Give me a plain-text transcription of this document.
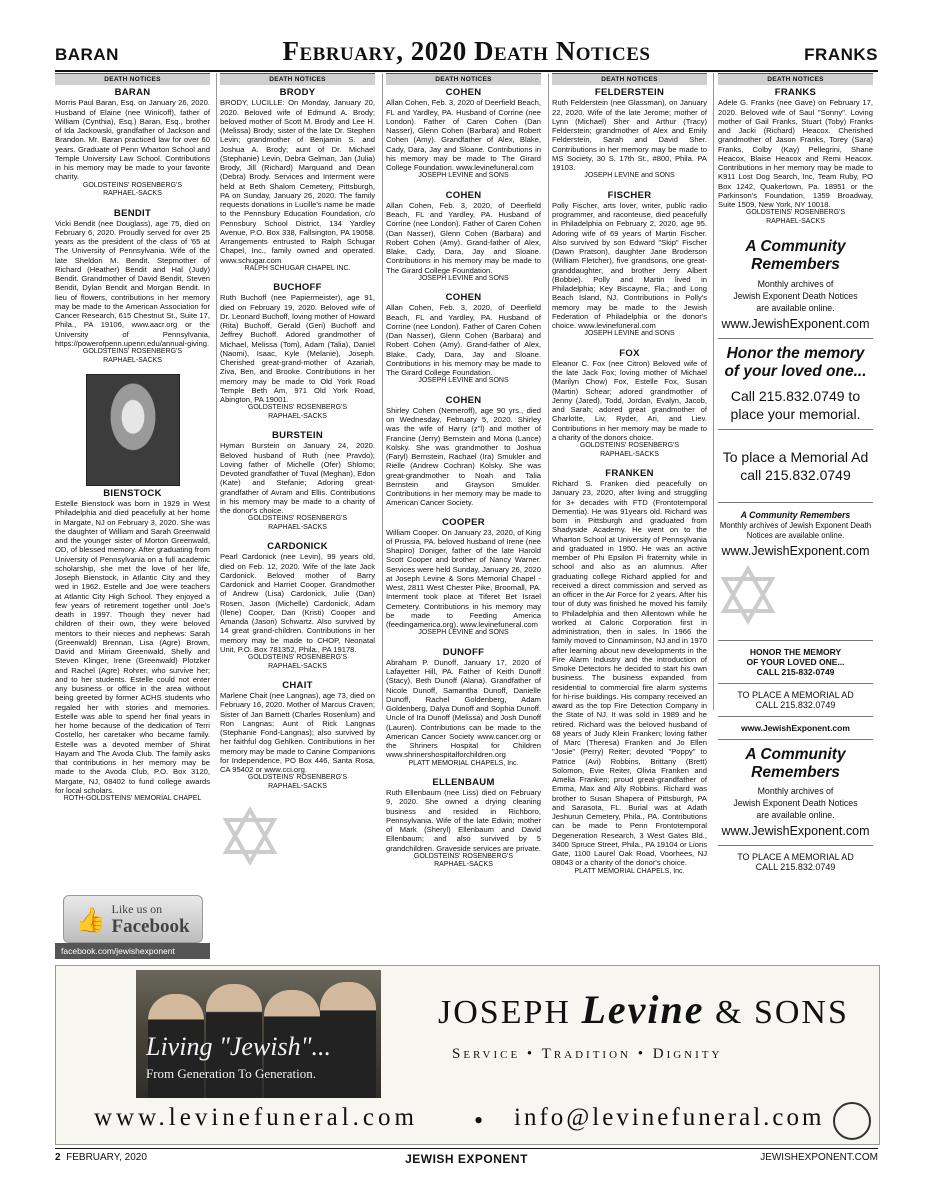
BARAN	February, 2020 Death Notices	FRANKS
DEATH NOTICES
BARAN
Morris Paul Baran, Esq. on January 26, 2020. Husband of Elaine (nee Winicoff), father of William (Cynthia), Esq.) Baran, Esq., brother of Ida Jackowski, grandfather of Jackson and Brandon. Mr. Baran practiced law for over 60 years. Graduate of Penn Wharton School and Temple University Law School. Contributions in his memory may be made to your favorite charity.
GOLDSTEINS' ROSENBERG'S
RAPHAEL-SACKS
BENDIT
Vicki Bendit (nee Douglass), age 75, died on February 6, 2020. Proudly served for over 25 years as the president of the class of '65 at The University of Pennsylvania. Wife of the late Sheldon M. Bendit. Stepmother of Richard (Heather) Bendit and Hal (Judy) Bendit. Grandmother of David Bendit, Steven Bendit, Dylan Bendit and Morgan Bendit. In lieu of flowers, contributions in her memory may be made to the American Association for Cancer Research, 615 Chestnut St., Suite 17, Phila., PA 19106, www.aacr.org or the University of Pennsylvania, https://powerofpenn.upenn.edu/annual-giving.
GOLDSTEINS' ROSENBERG'S
RAPHAEL-SACKS
BIENSTOCK
Estelle Bienstock was born in 1929 in West Philadelphia and died peacefully at her home in Margate, NJ on February 3, 2020. She was the daughter of William and Sarah Greenwald and the younger sister of Morton Greenwald, OD, of blessed memory. After graduating from University of Pennsylvania on a full academic scholarship, she met the love of her life, Joseph Bienstock, in Atlantic City and they wed in 1962. Estelle and Joe were teachers at Atlantic City High School. They enjoyed a few years of retirement together until Joe's death in 1997. Though they never had children of their own, they were beloved mentors to their nieces and nephews: Sarah (Greenwald) Brennan, Lisa (Agre) Brown, David and Miriam Greenwald, Shelly and Steven Klinger, Irene (Greenwald) Plotzker and Rachel (Agre) Rohrer, who survive her; and to her students. Estelle could not enter any business or office in the area without being greeted by former ACHS students who regaled her with stories and memories. Estelle was able to spend her final years in her home because of the dedication of Terri Costello, her caretaker who became family. Estelle was a devoted member of Shirat Hayam and The Avoda Club. The family asks that contributions in her memory may be made to the Avoda Club, P.O. Box 3120, Margate, NJ, 08402 to fund college awards for local scholars.
ROTH-GOLDSTEINS' MEMORIAL CHAPEL
👍 Like us on
Facebook
DEATH NOTICES
BRODY
BRODY, LUCILLE: On Monday, January 20, 2020. Beloved wife of Edmund A. Brody; beloved mother of Scott M. Brody and Lee H. (Melissa) Brody; sister of the late Dr. Stephen Levin; grandmother of Benjamin S. and Joshua A. Brody; aunt of Dr. Michael (Stephanie) Levin, Debra Gelman, Jan (Julia) Brody, Jill (Richard) Marquand and Dean (Debra) Brody. Services and Interment were held at Beth Shalom Cemetery, Pittsburgh, PA on Sunday, January 26, 2020. The family requests donations in Lucille's name be made to the Pennsbury Education Foundation, c/o Pennsbury School District, 134 Yardley Avenue, P.O. Box 338, Fallsington, PA 19058. Arrangements entrusted to Ralph Schugar Chapel, Inc., family owned and operated. www.schugar.com
RALPH SCHUGAR CHAPEL INC.
BUCHOFF
Ruth Buchoff (nee Papiermeister), age 91, died on February 19, 2020. Beloved wife of Dr. Leonard Buchoff, loving mother of Howard (Rita) Buchoff, Gerald (Geri) Buchoff and Jeffrey Buchoff. Adored grandmother of Michael, Melissa (Tom), Adam (Talia), Daniel (Naomi), Isaac, Kyle (Melanie), Joseph. Cherished great-grand-mother of Azariah, Ziva, Ben, and Brooke. Contributions in her memory may be made to Old York Road Temple Beth Am, 971 Old York Road, Abington, PA 19001.
GOLDSTEINS' ROSENBERG'S
RAPHAEL-SACKS
BURSTEIN
Hyman Burstein on January 24, 2020. Beloved husband of Ruth (nee Pravdo); Loving father of Michelle (Ofer) Shlomo; Devoted grandfather of Tuval (Meghan), Edon (Kate) and Stefanie; Adoring great-grandfather of Avram and Ellis. Contributions in his memory may be made to a charity of the donor's choice.
GOLDSTEINS' ROSENBERG'S
RAPHAEL-SACKS
CARDONICK
Pearl Cardonick (nee Levin), 99 years old, died on Feb. 12, 2020. Wife of the late Jack Cardonick. Beloved mother of Barry Cardonick and Harriet Cooper. Grandmother of Andrew (Lisa) Cardonick, Julie (Dan) Rosen, Jason (Michelle) Cardonick, Adam (Ilene) Cooper, Dan (Kristi) Cooper and Amanda (Jason) Schwartz. Also survived by 14 great grand-children. Contributions in her memory may be made to CHOP, Neonatal Unit, P.O. Box 781352, Phila., PA 19178.
GOLDSTEINS' ROSENBERG'S
RAPHAEL-SACKS
CHAIT
Marlene Chait (nee Langnas), age 73, died on February 16, 2020. Mother of Marcus Craven; Sister of Jan Barnett (Charles Rosenlum) and Ron Langnas; Aunt of Rick Langnas (Stephanie Fond-Langnas); also survived by her faithful dog Gehlken. Contributions in her memory may be made to Canine Companions for Independence, PO Box 446, Santa Rosa, CA 95402 or www.cci.org.
GOLDSTEINS' ROSENBERG'S
RAPHAEL-SACKS
DEATH NOTICES
COHEN
Allan Cohen, Feb. 3, 2020 of Deerfield Beach, FL and Yardley, PA. Husband of Corrine (nee London). Father of Caren Cohen (Dan Nasser), Glenn Cohen (Barbara) and Robert Cohen (Amy). Grandfather of Alex, Blake, Cady, Dara, Jay and Sloane. Contributions in his memory may be made to The Girard College Foundation. www.levinefuneral.com
JOSEPH LEVINE and SONS
COHEN
Allan Cohen, Feb. 3, 2020, of Deerfield Beach, FL and Yardley, PA. Husband of Corrine (nee London). Father of Caren Cohen (Dan Nasser), Glenn Cohen (Barbara) and Robert Cohen (Amy). Grand-father of Alex, Blake, Cady, Dara, Jay and Sloane. Contributions in his memory may be made to The Girard College Foundation.
JOSEPH LEVINE and SONS
COHEN
Allan Cohen, Feb. 3, 2020, of Deerfield Beach, FL and Yardley, PA. Husband of Corrine (nee London). Father of Caren Cohen (Dan Nasser), Glenn Cohen (Barbara) and Robert Cohen (Amy). Grand-father of Alex, Blake, Cady, Dara, Jay and Sloane. Contributions in his memory may be made to The Girard College Foundation.
JOSEPH LEVINE and SONS
COHEN
Shirley Cohen (Nemeroff), age 90 yrs., died on Wednesday, February 5, 2020. Shirley was the wife of Harry (z"l) and mother of Francine (Jerry) Bernstein and Mona (Lance) Kolsky. She was grandmother to Joshua (Faryl) Bernstein, Rachael (Ira) Smukler and Rielle (Andrew Cochran) Kolsky. She was great-grandmother to Noah and Talia Bernstein and Grayson Smukler. Contributions in her memory may be made to American Cancer Society.
COOPER
William Cooper. On January 23, 2020, of King of Prussia, PA. beloved husband of Irene (nee Shapiro) Doniger, father of the late Harold Scott Cooper and brother of Nancy Warner. Services were held Sunday, January 26, 2020 at Joseph Levine & Sons Memorial Chapel - West, 2811 West Chester Pike, Broomall, PA. Interment took place at Tiferet Bet Israel Cemetery. Contributions in his memory may be made to Feeding America (feedingamerica.org). www.levinefuneral.com
JOSEPH LEVINE and SONS
DUNOFF
Abraham P. Dunoff, January 17, 2020 of Lafayetter Hill, PA. Father of Keith Dunoff (Stacy), Beth Dunoff (Alana). Grandfather of Nicole Dunoff, Samantha Dunoff, Danielle Dunoff, Rachel Goldenberg, Adam Goldenberg, Dalya Dunoff and Sophia Dunoff. Uncle of Ira Dunoff (Melissa) and Josh Dunoff (Lauren). Contributions can be made to the American Cancer Society www.cancer.org or the Shriners Hospital for Children www.shrinershospitalforchildren.org
PLATT MEMORIAL CHAPELS, Inc.
ELLENBAUM
Ruth Ellenbaum (nee Liss) died on February 9, 2020. She owned a drying cleaning business and resided in Richboro, Pennsylvania. Wife of the late Edwin; mother of Mark (Sheryl) Ellenbaum and David Ellenbaum; and also survived by 5 grandchildren. Graveside services are private.
GOLDSTEINS' ROSENBERG'S
RAPHAEL-SACKS
DEATH NOTICES
FELDERSTEIN
Ruth Felderstein (nee Glassman), on January 22, 2020. Wife of the late Jerome; mother of Lynn (Michael) Sher and Arthur (Tracy) Felderstein; grandmother of Alex and Emily Felderstein, Sarah and David Sher. Contributions in her memory may be made to MS Society, 30 S. 17th St., #800, Phila. PA 19103.
JOSEPH LEVINE and SONS
FISCHER
Polly Fischer, arts lover, writer, public radio programmer, and raconteuse, died peacefully in Philadelphia on February 2, 2020, age 95. Adoring wife of 69 years of Martin Fischer. Also survived by son Edward "Skip" Fischer (Dawn Pratson), daughter Jane Broderson (William Fletcher), five grandsons, one great-granddaughter, and brother Jerry Albert (Bobbie). Polly and Martin lived in Philadelphia; Key Biscayne, Fla.; and Long Beach Island, NJ. Contributions in Polly's memory may be made to the Jewish Federation of Philadelphia or the donor's choice. www.levinefuneral.com
JOSEPH LEVINE and SONS
FOX
Eleanor C. Fox (nee Citron) Beloved wife of the late Jack Fox; loving mother of Michael (Marilyn Chow) Fox, Estelle Fox, Susan (Martin) Schear; adored grandmother of Jenny (Jared), Todd, Jordan, Evalyn, Jacob, and Sarah; adored great grandmother of Charlotte, Liv, Ryder, Ari, and Liev. Contributions in her memory may be made to a charity of the donors choice.
GOLDSTEINS' ROSENBERG'S
RAPHAEL-SACKS
FRANKEN
Richard S. Franken died peacefully on January 23, 2020, after living and struggling for 3+ decades with FTD (Frontotemporal Dementia). He was 91years old. Richard was born in Pittsburgh and graduated from Shadyside Academy. He went on to the Wharton School at University of Pennsylvania and graduated in 1950. He was an active member of Phi Epsilon Pi fraternity while in school and also as an alumnus. After graduating college Richard applied for and received a direct commission and served as an officer in the Air Force for 2 years. After his tour of duty was finished he moved his family to Philadelphia and then Allentown while he worked at Caloric Corporation first in administration, then in sales. In 1966 the family moved to Cinnaminson, NJ and in 1970 after learning about new developments in the Fire Alarm Industry and the introduction of Smoke Detectors he decided to start his own business. The business expanded from residential to commercial fire alarm systems for hi-rise buildings. His company received an award as the top Fire Detection Company in the State of NJ. It was sold in 1989 and he retired. Richard was the beloved husband of 68 years of Judy Klein Franken; loving father of Marc (Theresa) Franken and Jo Ellen "Josie" (Perry) Reiter; devoted "Poppy" to Patrice (Avi) Robbins, Brittany (Brett) Solomon, Evie Reiter, Olivia Franken and Amelia Franken; proud great-grandfather of Emma, Max and Ally Robbins. Richard was brother to Susan Shapera of Pittsburgh, PA and Sarasota, FL. Burial was at Adath Jeshurun Cemetery, Phila., PA. Contributions can be made to Penn Frontotemporal Degeneration Research, 3 West Gates Bld., 3400 Spruce Street, Phila., PA 19104 or Lions Gate, 1100 Laurel Oak Road, Voorhees, NJ 08043 or a charity of the donor's choice.
PLATT MEMORIAL CHAPELS, Inc.
DEATH NOTICES
FRANKS
Adele G. Franks (nee Gave) on February 17, 2020. Beloved wife of Saul "Sonny". Loving mother of Gail Franks, Stuart (Toby) Franks and Jacki (Richard) Heacox. Cherished grandmother of Jason Franks, Torey (Sara) Franks, Colby (Kay) Pellegrini, Shane Heacox, Blaise Heacox and Remi Heacox. Contributions in her memory may be made to K911 Lost Dog Search, Inc, Team Ruby, PO Box 1242, Quakertown, Pa. 18951 or the Parkinson's Foundation, 1359 Broadway, Suite 1509, New York, NY 10018.
GOLDSTEINS' ROSENBERG'S
RAPHAEL-SACKS
A Community Remembers
Monthly archives of
Jewish Exponent Death Notices
are available online.
www.JewishExponent.com
Honor the memory of your loved one...
Call 215.832.0749 to place your memorial.
To place a Memorial Ad call 215.832.0749
A Community Remembers
Monthly archives of Jewish Exponent Death Notices are available online.
www.JewishExponent.com
HONOR THE MEMORY
OF YOUR LOVED ONE...
CALL 215-832-0749
TO PLACE A MEMORIAL AD
CALL 215.832.0749
www.JewishExponent.com
A Community Remembers
Monthly archives of
Jewish Exponent Death Notices
are available online.
www.JewishExponent.com
TO PLACE A MEMORIAL AD
CALL 215.832.0749
facebook.com/jewishexponent
Living "Jewish"...
From Generation To Generation.
JOSEPH Levine & SONS
Service • Tradition • Dignity
www.levinefuneral.com • info@levinefuneral.com
2 FEBRUARY, 2020	JEWISH EXPONENT	JEWISHEXPONENT.COM
